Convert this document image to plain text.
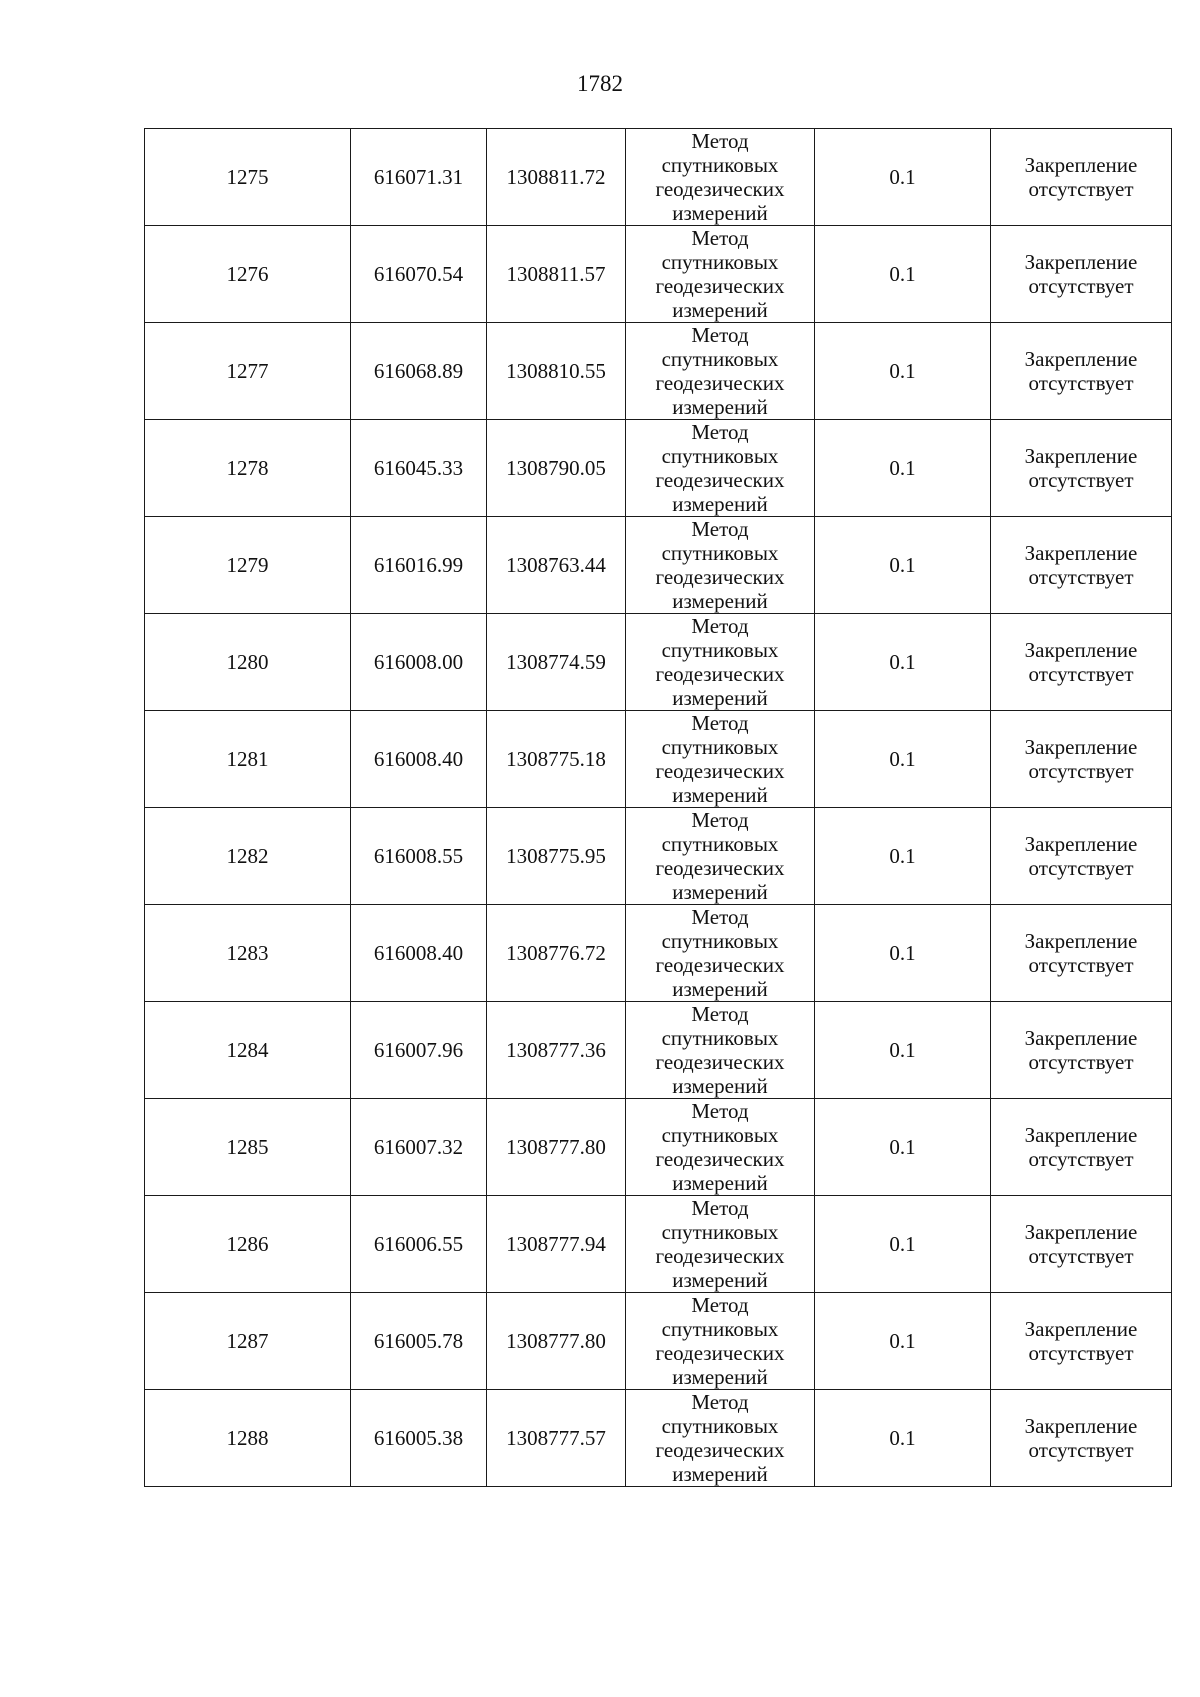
1782
1275	616071.31	1308811.72	Метод
спутниковых
геодезических
измерений	0.1	Закрепление
отсутствует

1276	616070.54	1308811.57	Метод
спутниковых
геодезических
измерений	0.1	Закрепление
отсутствует

1277	616068.89	1308810.55	Метод
спутниковых
геодезических
измерений	0.1	Закрепление
отсутствует

1278	616045.33	1308790.05	Метод
спутниковых
геодезических
измерений	0.1	Закрепление
отсутствует

1279	616016.99	1308763.44	Метод
спутниковых
геодезических
измерений	0.1	Закрепление
отсутствует

1280	616008.00	1308774.59	Метод
спутниковых
геодезических
измерений	0.1	Закрепление
отсутствует

1281	616008.40	1308775.18	Метод
спутниковых
геодезических
измерений	0.1	Закрепление
отсутствует

1282	616008.55	1308775.95	Метод
спутниковых
геодезических
измерений	0.1	Закрепление
отсутствует

1283	616008.40	1308776.72	Метод
спутниковых
геодезических
измерений	0.1	Закрепление
отсутствует

1284	616007.96	1308777.36	Метод
спутниковых
геодезических
измерений	0.1	Закрепление
отсутствует

1285	616007.32	1308777.80	Метод
спутниковых
геодезических
измерений	0.1	Закрепление
отсутствует

1286	616006.55	1308777.94	Метод
спутниковых
геодезических
измерений	0.1	Закрепление
отсутствует

1287	616005.78	1308777.80	Метод
спутниковых
геодезических
измерений	0.1	Закрепление
отсутствует

1288	616005.38	1308777.57	Метод
спутниковых
геодезических
измерений	0.1	Закрепление
отсутствует
